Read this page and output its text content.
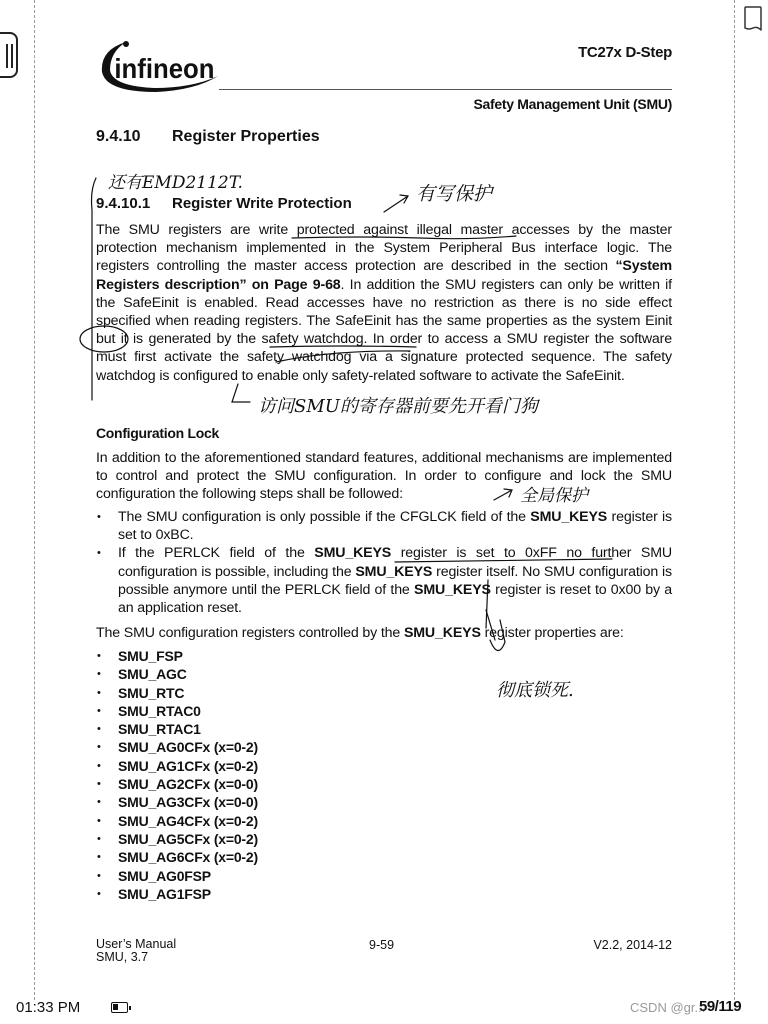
infineon
TC27x D-Step
Safety Management Unit (SMU)
9.4.10 Register Properties
9.4.10.1 Register Write Protection
The SMU registers are write protected against illegal master accesses by the master protection mechanism implemented in the System Peripheral Bus interface logic. The registers controlling the master access protection are described in the section “System Registers description” on Page 9-68. In addition the SMU registers can only be written if the SafeEinit is enabled. Read accesses have no restriction as there is no side effect specified when reading registers. The SafeEinit has the same properties as the system Einit but it is generated by the safety watchdog. In order to access a SMU register the software must first activate the safety watchdog via a signature protected sequence. The safety watchdog is configured to enable only safety-related software to activate the SafeEinit.
Configuration Lock
In addition to the aforementioned standard features, additional mechanisms are implemented to control and protect the SMU configuration. In order to configure and lock the SMU configuration the following steps shall be followed:
• The SMU configuration is only possible if the CFGLCK field of the SMU_KEYS register is set to 0xBC.
• If the PERLCK field of the SMU_KEYS register is set to 0xFF no further SMU configuration is possible, including the SMU_KEYS register itself. No SMU configuration is possible anymore until the PERLCK field of the SMU_KEYS register is reset to 0x00 by a an application reset.
The SMU configuration registers controlled by the SMU_KEYS register properties are:
• SMU_FSP
• SMU_AGC
• SMU_RTC
• SMU_RTAC0
• SMU_RTAC1
• SMU_AG0CFx (x=0-2)
• SMU_AG1CFx (x=0-2)
• SMU_AG2CFx (x=0-0)
• SMU_AG3CFx (x=0-0)
• SMU_AG4CFx (x=0-2)
• SMU_AG5CFx (x=0-2)
• SMU_AG6CFx (x=0-2)
• SMU_AG0FSP
• SMU_AG1FSP
User’s Manual
SMU, 3.7
9-59	V2.2, 2014-12
还有EMD2112T.	有写保护
访问SMU的寄存器前要先开看门狗
全局保护
彻底锁死.
01:33 PM	CSDN @gr...
59/119
